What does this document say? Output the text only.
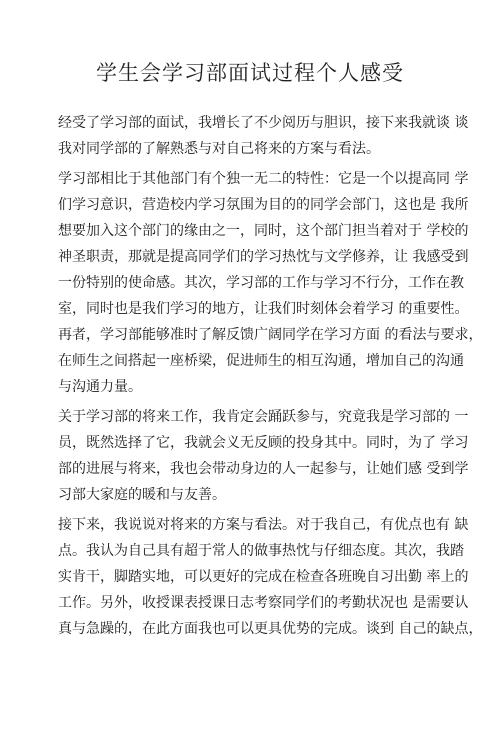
学生会学习部面试过程个人感受
经受了学习部的面试，我增长了不少阅历与胆识，接下来我就谈 谈
我对同学部的了解熟悉与对自己将来的方案与看法。
学习部相比于其他部门有个独一无二的特性：它是一个以提高同 学
们学习意识，营造校内学习氛围为目的的同学会部门，这也是 我所
想要加入这个部门的缘由之一，同时，这个部门担当着对于 学校的
神圣职责，那就是提高同学们的学习热忱与文学修养，让 我感受到
一份特别的使命感。其次，学习部的工作与学习不行分，工作在教
室，同时也是我们学习的地方，让我们时刻体会着学习 的重要性。
再者，学习部能够准时了解反馈广阔同学在学习方面 的看法与要求，
在师生之间搭起一座桥梁，促进师生的相互沟通，增加自己的沟通
与沟通力量。
关于学习部的将来工作，我肯定会踊跃参与，究竟我是学习部的 一
员，既然选择了它，我就会义无反顾的投身其中。同时，为了 学习
部的进展与将来，我也会带动身边的人一起参与，让她们感 受到学
习部大家庭的暖和与友善。
接下来，我说说对将来的方案与看法。对于我自己，有优点也有 缺
点。我认为自己具有超于常人的做事热忱与仔细态度。其次，我踏
实肯干，脚踏实地，可以更好的完成在检查各班晚自习出勤 率上的
工作。另外，收授课表授课日志考察同学们的考勤状况也 是需要认
真与急躁的，在此方面我也可以更具优势的完成。谈到 自己的缺点，
